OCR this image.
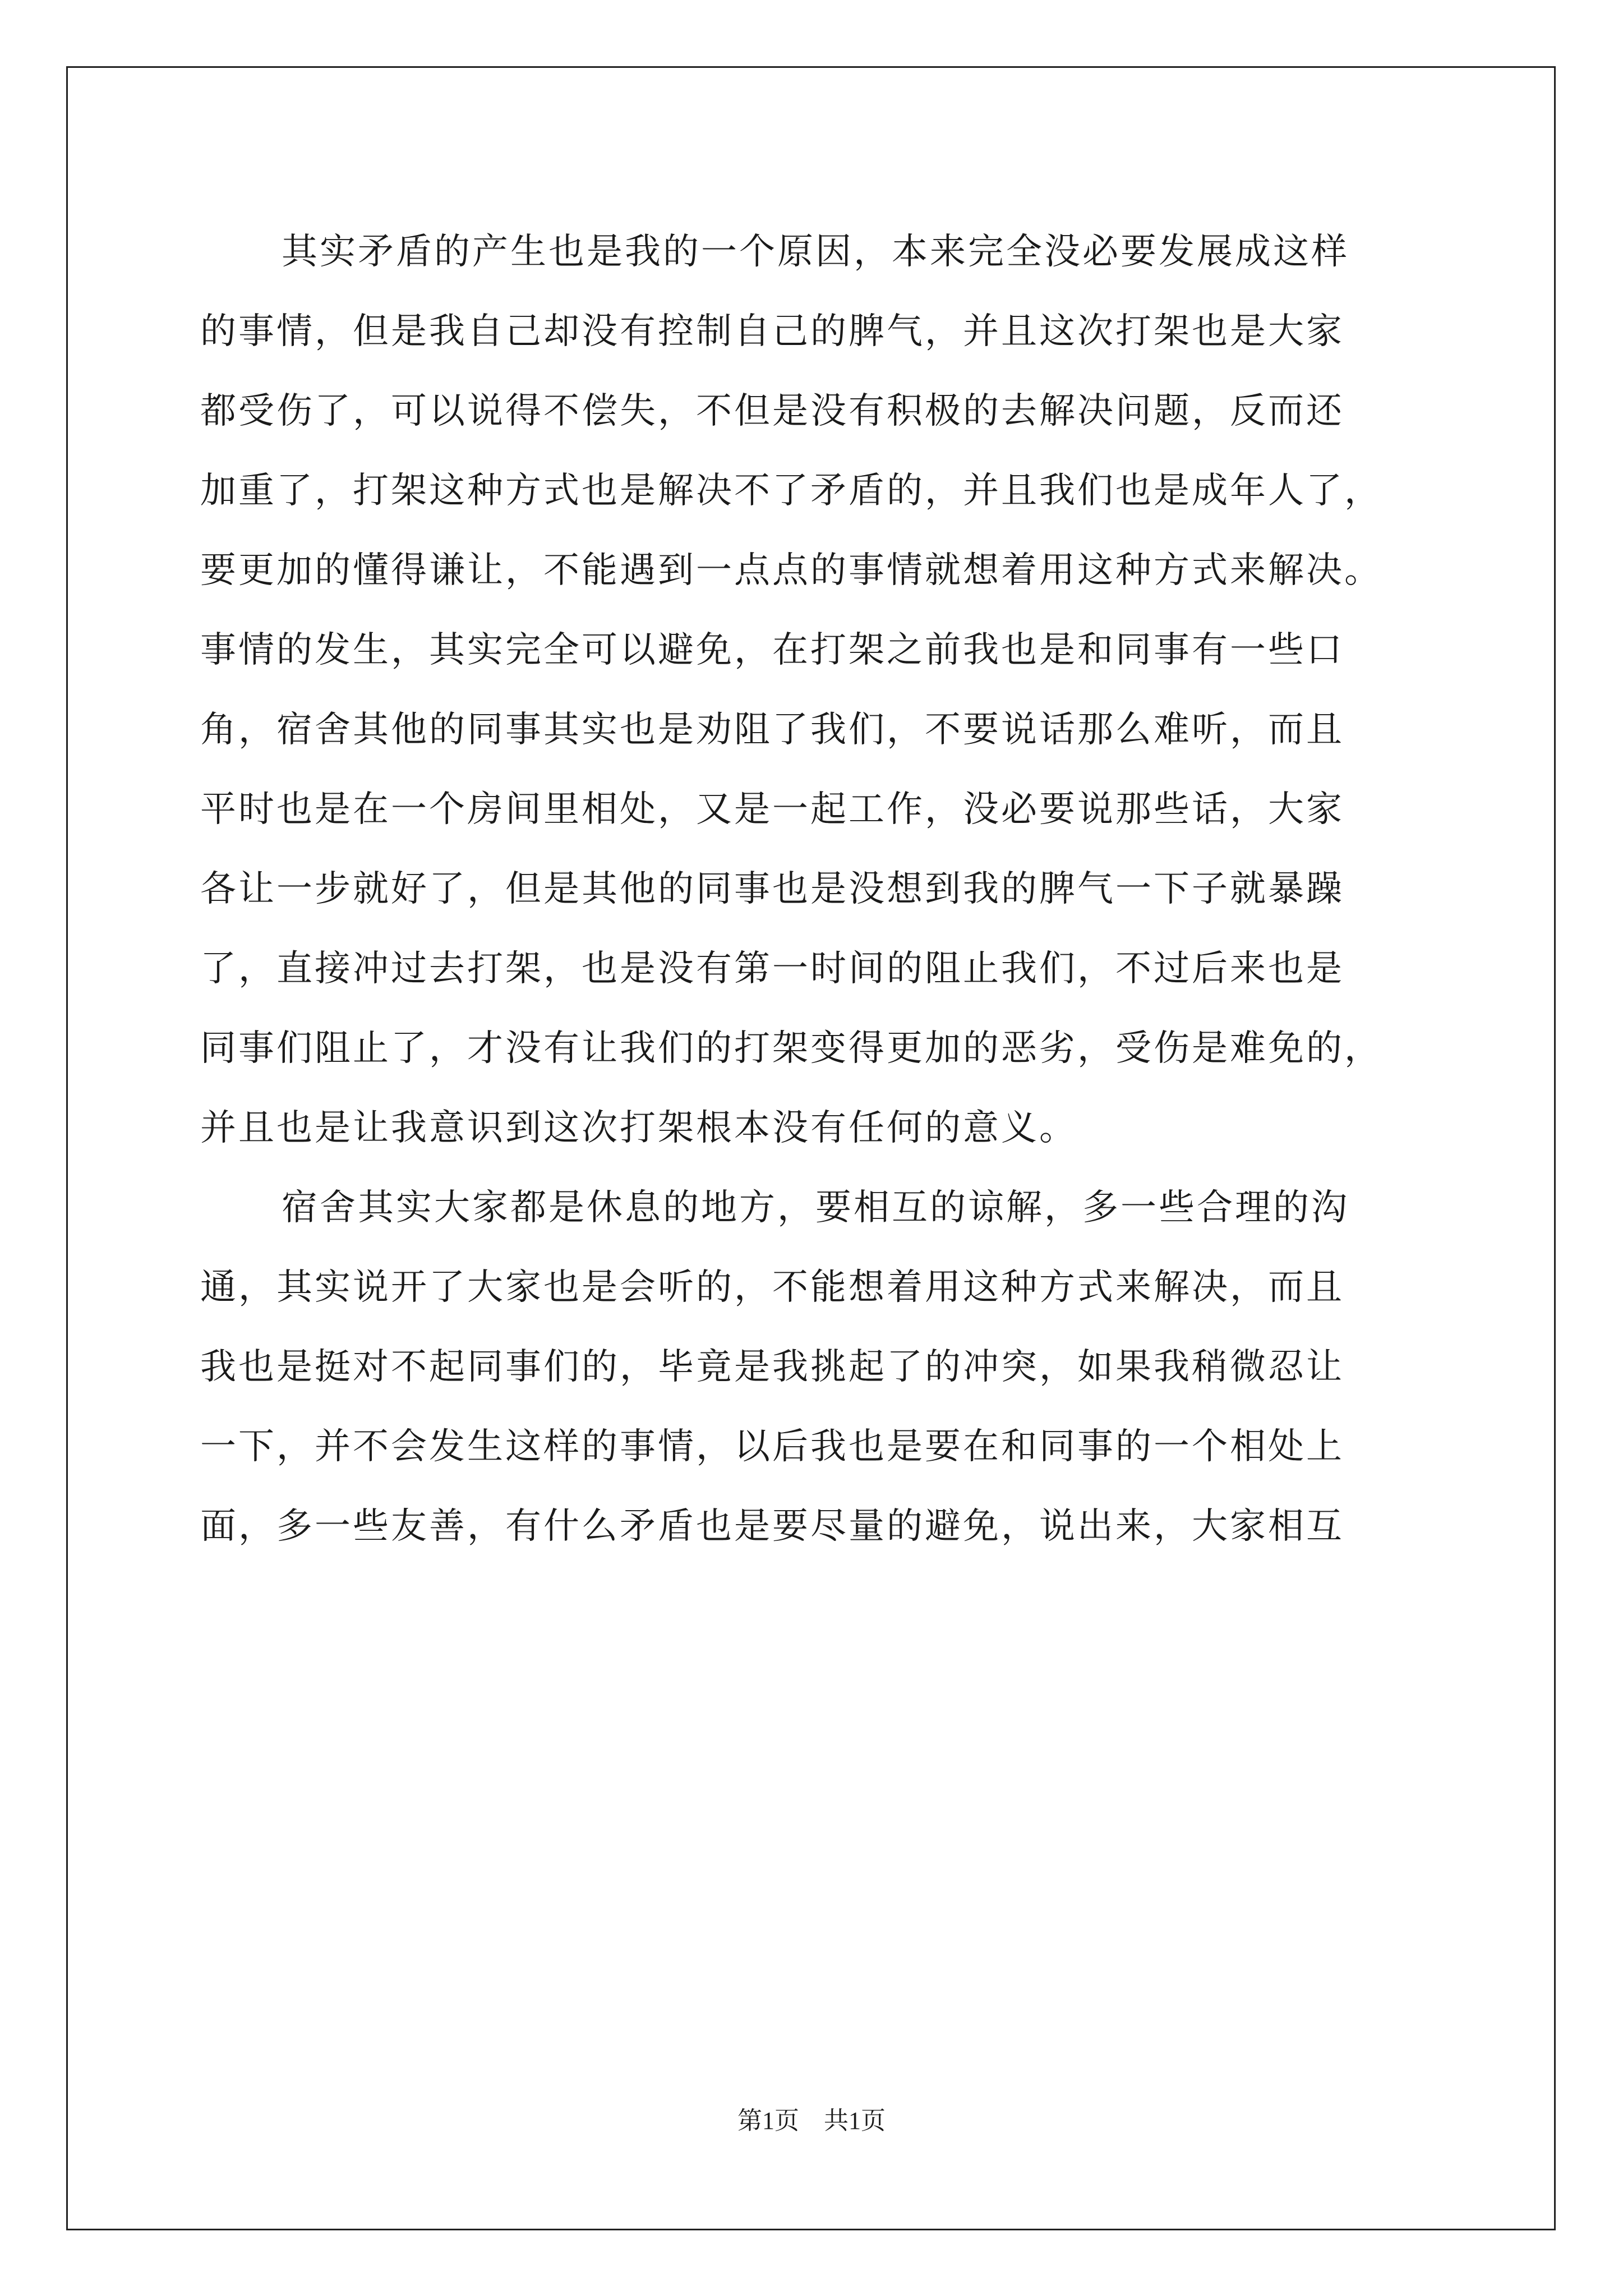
其实矛盾的产生也是我的一个原因，本来完全没必要发展成这样
的事情，但是我自己却没有控制自己的脾气，并且这次打架也是大家
都受伤了，可以说得不偿失，不但是没有积极的去解决问题，反而还
加重了，打架这种方式也是解决不了矛盾的，并且我们也是成年人了，
要更加的懂得谦让，不能遇到一点点的事情就想着用这种方式来解决。
事情的发生，其实完全可以避免，在打架之前我也是和同事有一些口
角，宿舍其他的同事其实也是劝阻了我们，不要说话那么难听，而且
平时也是在一个房间里相处，又是一起工作，没必要说那些话，大家
各让一步就好了，但是其他的同事也是没想到我的脾气一下子就暴躁
了，直接冲过去打架，也是没有第一时间的阻止我们，不过后来也是
同事们阻止了，才没有让我们的打架变得更加的恶劣，受伤是难免的，
并且也是让我意识到这次打架根本没有任何的意义。
宿舍其实大家都是休息的地方，要相互的谅解，多一些合理的沟
通，其实说开了大家也是会听的，不能想着用这种方式来解决，而且
我也是挺对不起同事们的，毕竟是我挑起了的冲突，如果我稍微忍让
一下，并不会发生这样的事情，以后我也是要在和同事的一个相处上
面，多一些友善，有什么矛盾也是要尽量的避免，说出来，大家相互
第1页 共1页
